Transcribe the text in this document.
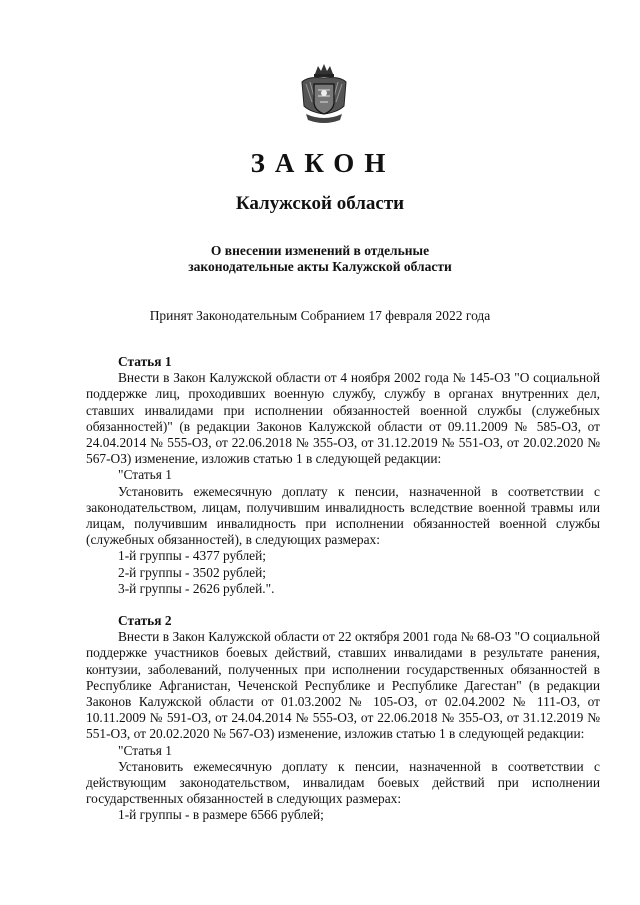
ЗАКОН
Калужской области
О внесении изменений в отдельные
законодательные акты Калужской области
Принят Законодательным Собранием 17 февраля 2022 года

Статья 1

Внести в Закон Калужской области от 4 ноября 2002 года № 145-ОЗ "О социальной поддержке лиц, проходивших военную службу, службу в органах внутренних дел, ставших инвалидами при исполнении обязанностей военной службы (служебных обязанностей)" (в редакции Законов Калужской области от 09.11.2009 № 585-ОЗ, от 24.04.2014 № 555-ОЗ, от 22.06.2018 № 355-ОЗ, от 31.12.2019 № 551-ОЗ, от 20.02.2020 № 567-ОЗ) изменение, изложив статью 1 в следующей редакции:

"Статья 1

Установить ежемесячную доплату к пенсии, назначенной в соответствии с законодательством, лицам, получившим инвалидность вследствие военной травмы или лицам, получившим инвалидность при исполнении обязанностей военной службы (служебных обязанностей), в следующих размерах:

1-й группы - 4377 рублей;

2-й группы - 3502 рублей;

3-й группы - 2626 рублей.".

Статья 2

Внести в Закон Калужской области от 22 октября 2001 года № 68-ОЗ "О социальной поддержке участников боевых действий, ставших инвалидами в результате ранения, контузии, заболеваний, полученных при исполнении государственных обязанностей в Республике Афганистан, Чеченской Республике и Республике Дагестан" (в редакции Законов Калужской области от 01.03.2002 № 105-ОЗ, от 02.04.2002 № 111-ОЗ, от 10.11.2009 № 591-ОЗ, от 24.04.2014 № 555-ОЗ, от 22.06.2018 № 355-ОЗ, от 31.12.2019 № 551-ОЗ, от 20.02.2020 № 567-ОЗ) изменение, изложив статью 1 в следующей редакции:

"Статья 1

Установить ежемесячную доплату к пенсии, назначенной в соответствии с действующим законодательством, инвалидам боевых действий при исполнении государственных обязанностей в следующих размерах:

1-й группы - в размере 6566 рублей;
